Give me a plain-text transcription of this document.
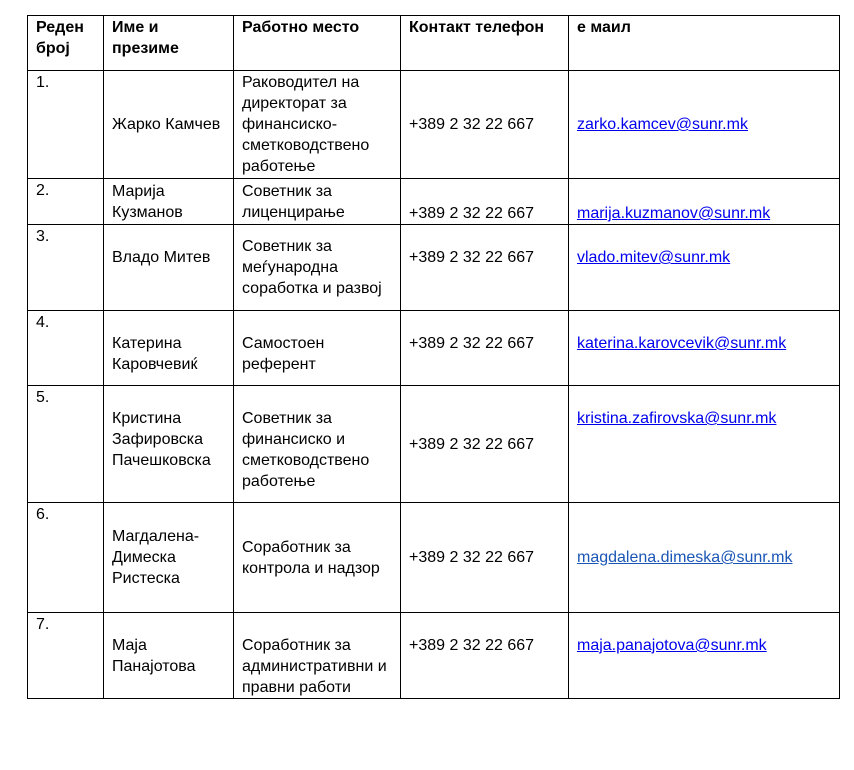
Реден број	Име и презиме	Работно место	Контакт телефон	е маил
1.	Жарко Камчев	Раководител на директорат за финансиско-сметководствено работење	+389 2 32 22 667	zarko.kamcev@sunr.mk
2.	Марија Кузманов	Советник за лиценцирање	+389 2 32 22 667	marija.kuzmanov@sunr.mk
3.	Владо Митев	Советник за меѓународна соработка и развој	+389 2 32 22 667	vlado.mitev@sunr.mk
4.	Катерина Каровчевиќ	Самостоен референт	+389 2 32 22 667	katerina.karovcevik@sunr.mk
5.	Кристина Зафировска Пачешковска	Советник за финансиско и сметководствено работење	+389 2 32 22 667	kristina.zafirovska@sunr.mk
6.	Магдалена-Димеска Ристеска	Соработник за контрола и надзор	+389 2 32 22 667	magdalena.dimeska@sunr.mk
7.	Маја Панајотова	Соработник за административни и правни работи	+389 2 32 22 667	maja.panajotova@sunr.mk
